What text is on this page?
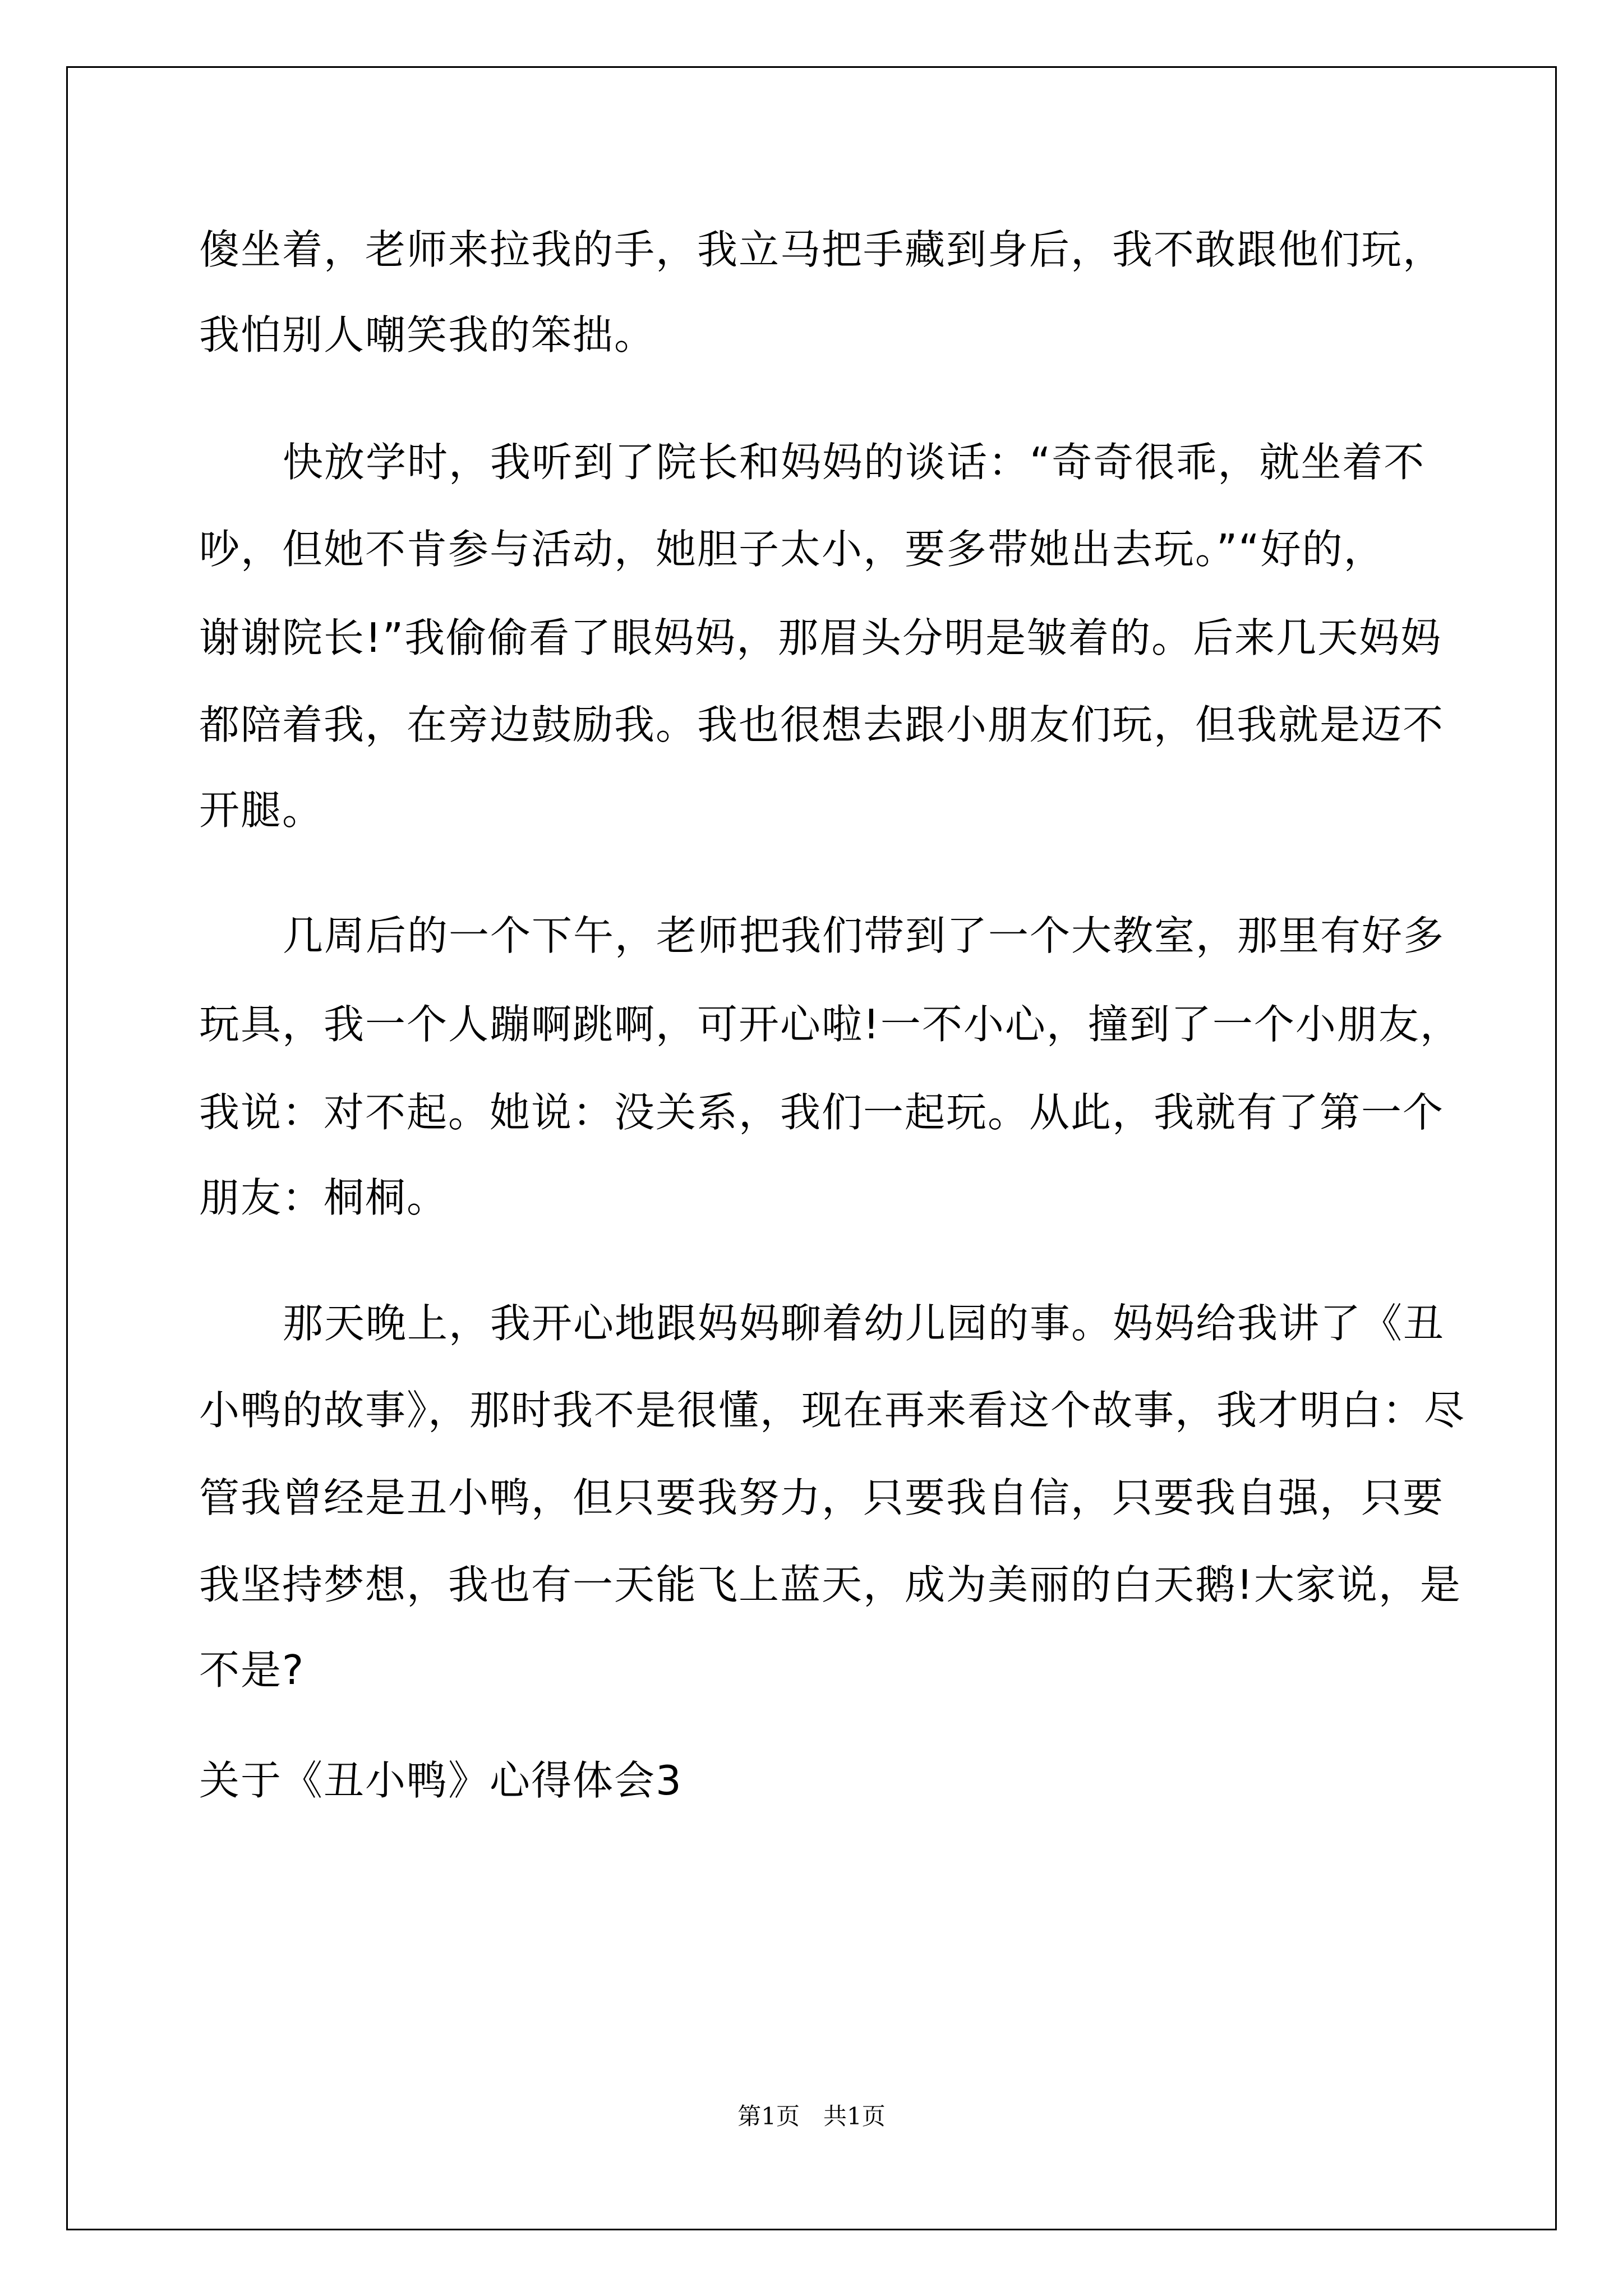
傻坐着，老师来拉我的手，我立马把手藏到身后，我不敢跟他们玩，
我怕别人嘲笑我的笨拙。
快放学时，我听到了院长和妈妈的谈话：“奇奇很乖，就坐着不
吵，但她不肯参与活动，她胆子太小，要多带她出去玩。”“好的，
谢谢院长!”我偷偷看了眼妈妈，那眉头分明是皱着的。后来几天妈妈
都陪着我，在旁边鼓励我。我也很想去跟小朋友们玩，但我就是迈不
开腿。
几周后的一个下午，老师把我们带到了一个大教室，那里有好多
玩具，我一个人蹦啊跳啊，可开心啦!一不小心，撞到了一个小朋友，
我说：对不起。她说：没关系，我们一起玩。从此，我就有了第一个
朋友：桐桐。
那天晚上，我开心地跟妈妈聊着幼儿园的事。妈妈给我讲了《丑
小鸭的故事》，那时我不是很懂，现在再来看这个故事，我才明白：尽
管我曾经是丑小鸭，但只要我努力，只要我自信，只要我自强，只要
我坚持梦想，我也有一天能飞上蓝天，成为美丽的白天鹅!大家说，是
不是?
关于《丑小鸭》心得体会3
第1页　共1页
